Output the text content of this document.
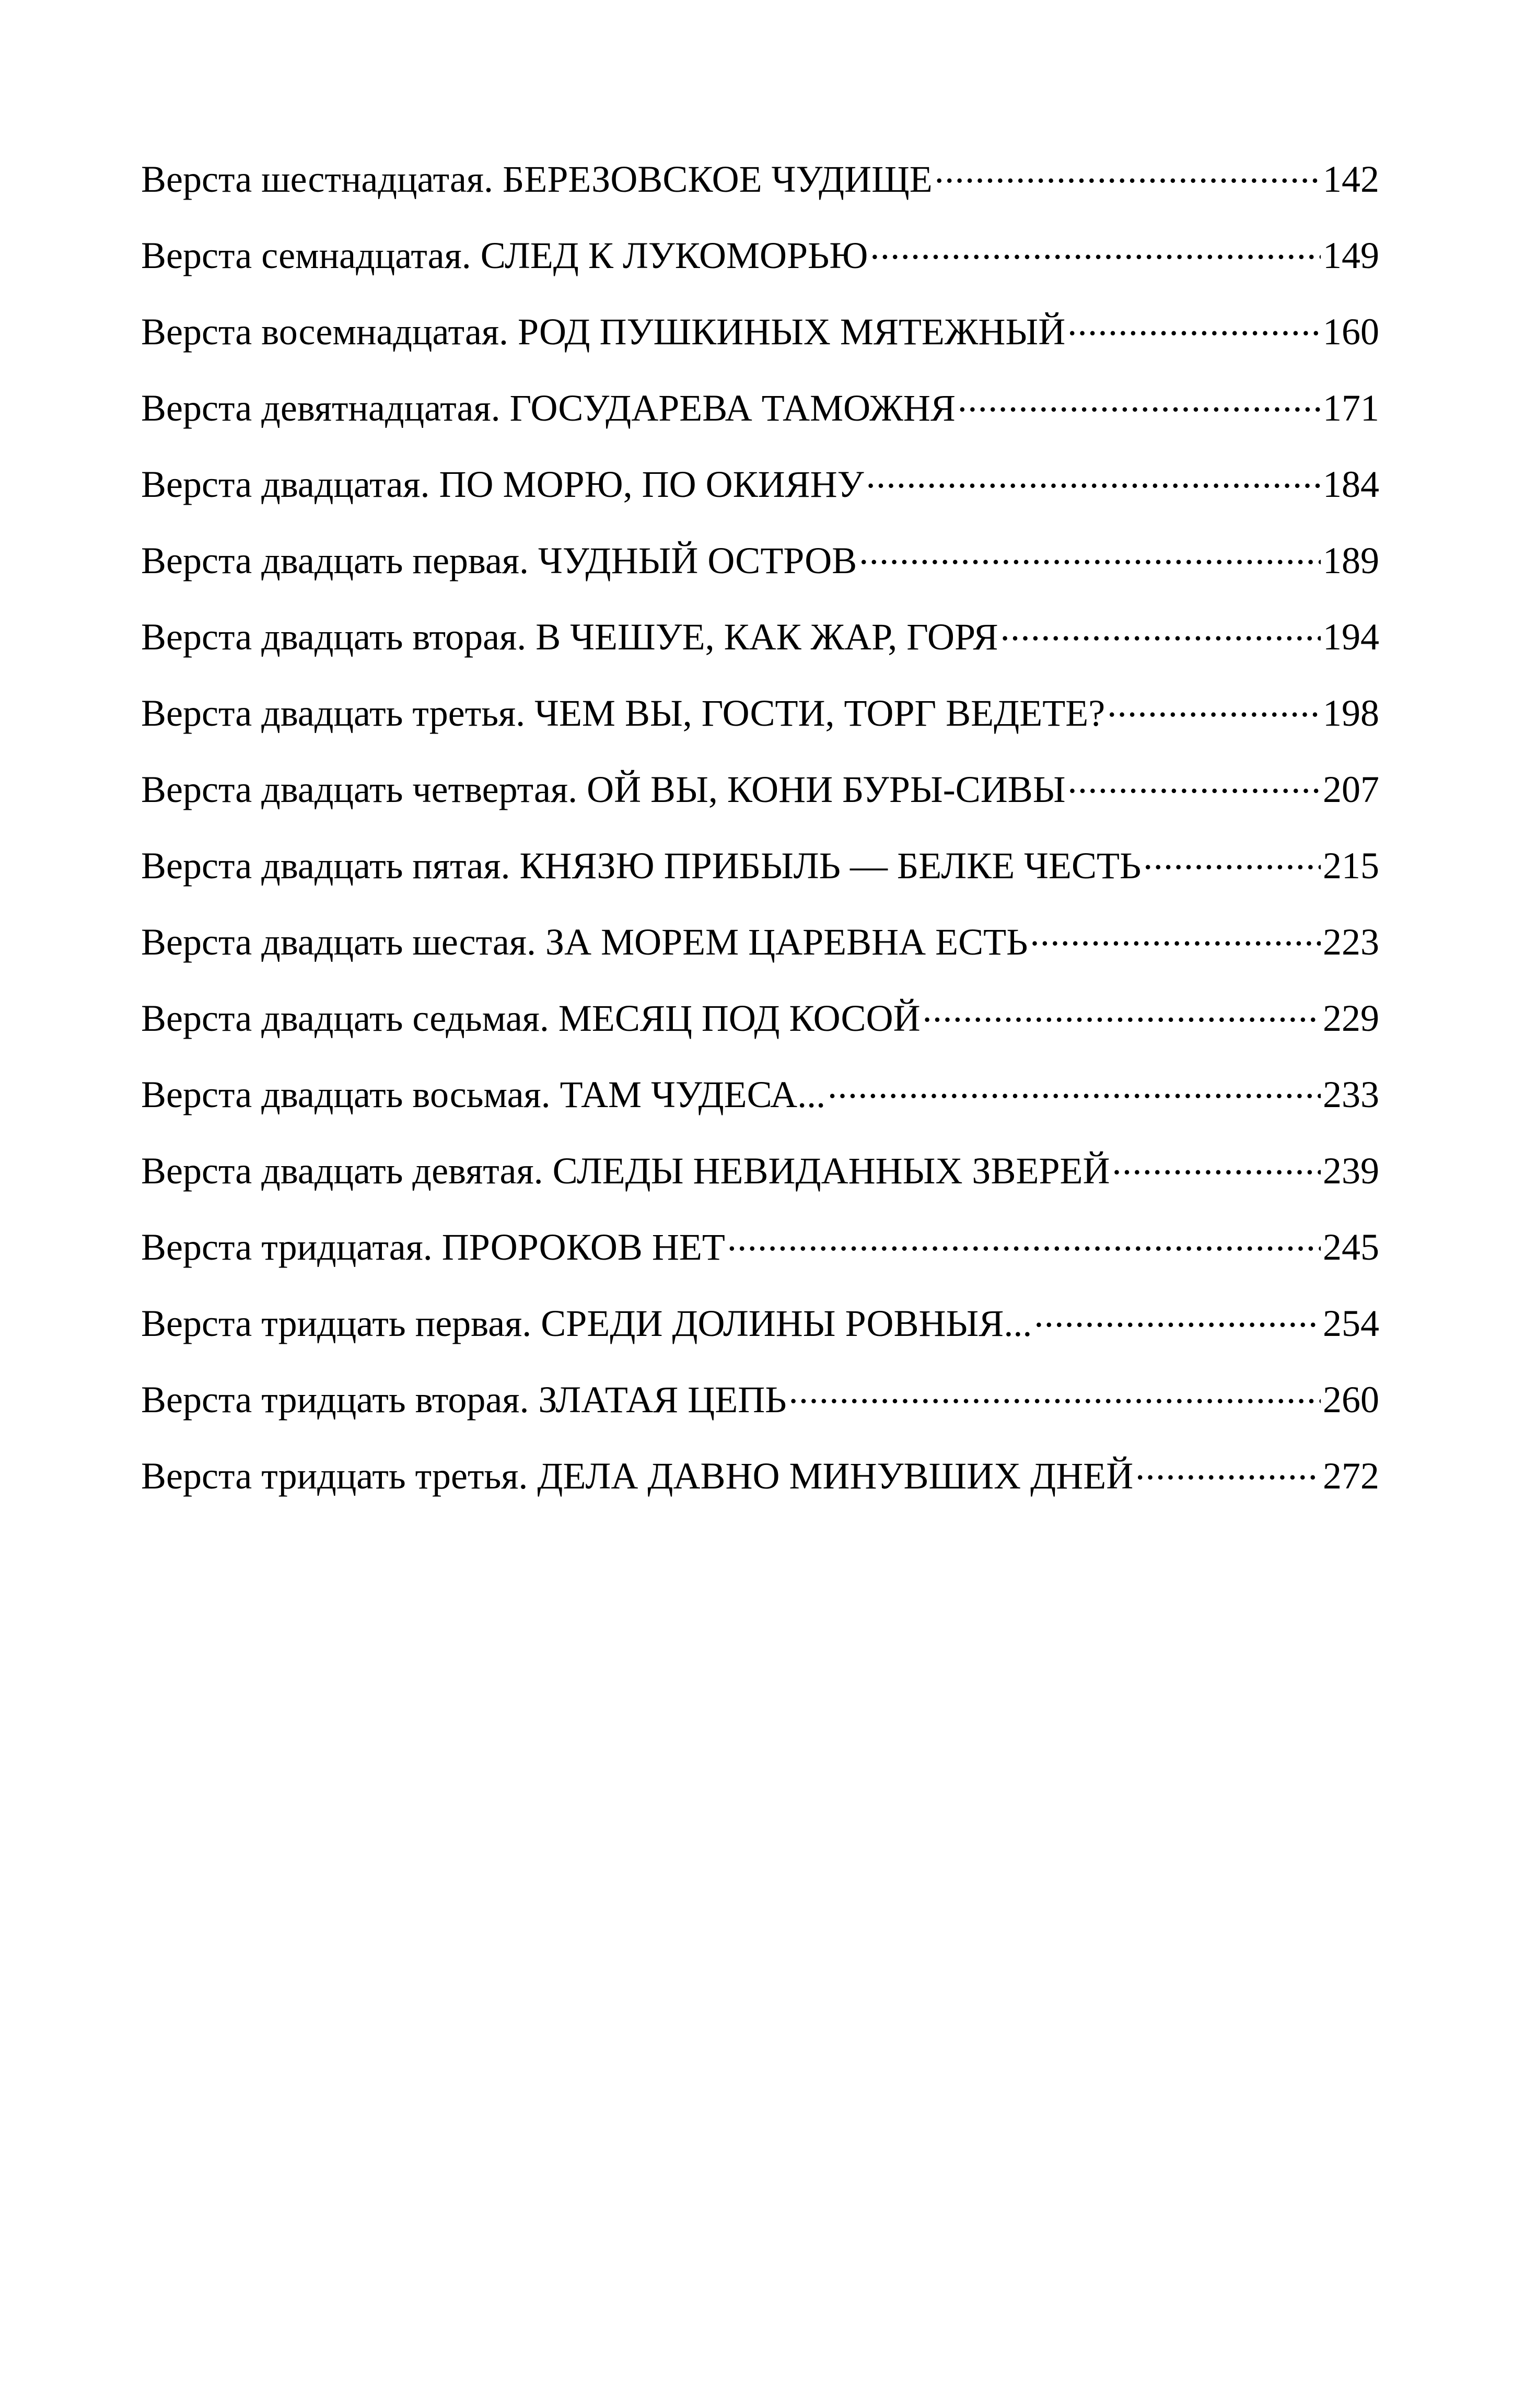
Верста шестнадцатая. БЕРЕЗОВСКОЕ ЧУДИЩЕ .....	142
Верста семнадцатая. СЛЕД К ЛУКОМОРЬЮ .....	149
Верста восемнадцатая. РОД ПУШКИНЫХ МЯТЕЖНЫЙ .....	160
Верста девятнадцатая. ГОСУДАРЕВА ТАМОЖНЯ .....	171
Верста двадцатая. ПО МОРЮ, ПО ОКИЯНУ .....	184
Верста двадцать первая. ЧУДНЫЙ ОСТРОВ .....	189
Верста двадцать вторая. В ЧЕШУЕ, КАК ЖАР, ГОРЯ .....	194
Верста двадцать третья. ЧЕМ ВЫ, ГОСТИ, ТОРГ ВЕДЕТЕ? .....	198
Верста двадцать четвертая. ОЙ ВЫ, КОНИ БУРЫ-СИВЫ .....	207
Верста двадцать пятая. КНЯЗЮ ПРИБЫЛЬ — БЕЛКЕ ЧЕСТЬ .....	215
Верста двадцать шестая. ЗА МОРЕМ ЦАРЕВНА ЕСТЬ .....	223
Верста двадцать седьмая. МЕСЯЦ ПОД КОСОЙ .....	229
Верста двадцать восьмая. ТАМ ЧУДЕСА... .....	233
Верста двадцать девятая. СЛЕДЫ НЕВИДАННЫХ ЗВЕРЕЙ .....	239
Верста тридцатая. ПРОРОКОВ НЕТ .....	245
Верста тридцать первая. СРЕДИ ДОЛИНЫ РОВНЫЯ... .....	254
Верста тридцать вторая. ЗЛАТАЯ ЦЕПЬ .....	260
Верста тридцать третья. ДЕЛА ДАВНО МИНУВШИХ ДНЕЙ .....	272
